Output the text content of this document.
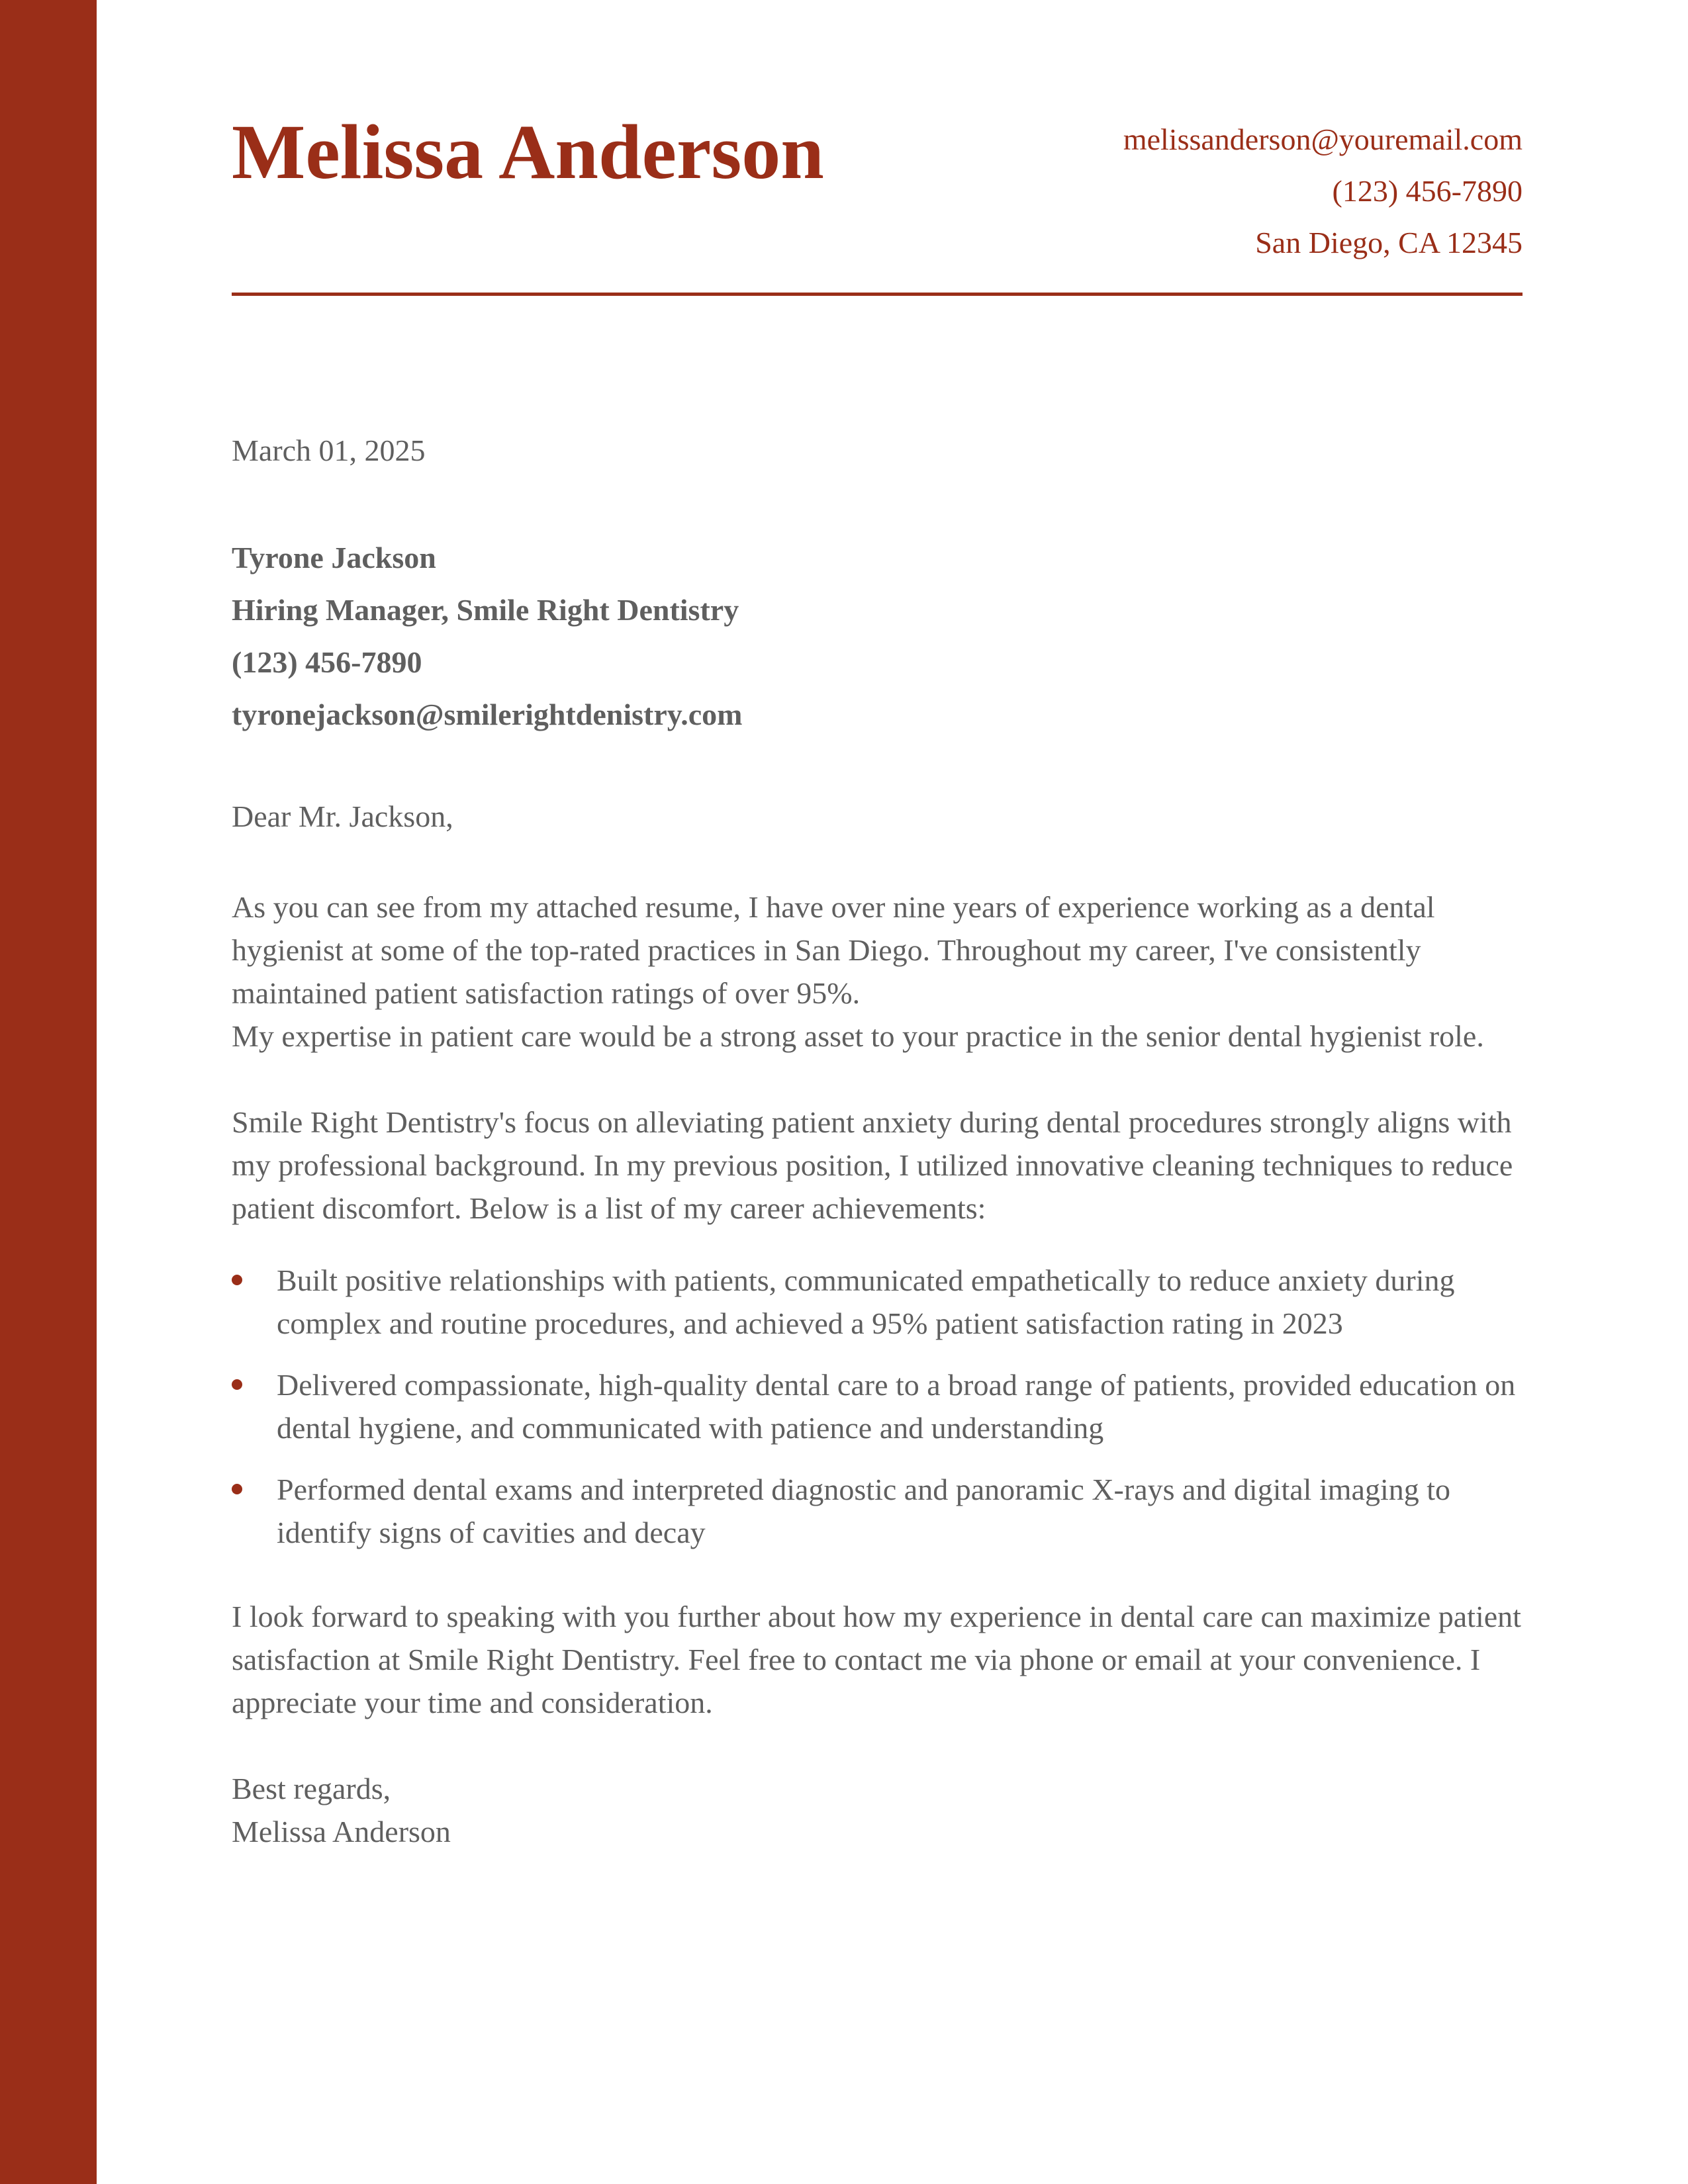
Melissa Anderson	melissanderson@youremail.com
(123) 456-7890
San Diego, CA 12345

March 01, 2025

Tyrone Jackson
Hiring Manager, Smile Right Dentistry
(123) 456-7890
tyronejackson@smilerightdenistry.com

Dear Mr. Jackson,

As you can see from my attached resume, I have over nine years of experience working as a dental hygienist at some of the top-rated practices in San Diego. Throughout my career, I've consistently maintained patient satisfaction ratings of over 95%.

My expertise in patient care would be a strong asset to your practice in the senior dental hygienist role.

Smile Right Dentistry's focus on alleviating patient anxiety during dental procedures strongly aligns with my professional background. In my previous position, I utilized innovative cleaning techniques to reduce patient discomfort. Below is a list of my career achievements:

Built positive relationships with patients, communicated empathetically to reduce anxiety during complex and routine procedures, and achieved a 95% patient satisfaction rating in 2023
Delivered compassionate, high-quality dental care to a broad range of patients, provided education on dental hygiene, and communicated with patience and understanding
Performed dental exams and interpreted diagnostic and panoramic X-rays and digital imaging to identify signs of cavities and decay

I look forward to speaking with you further about how my experience in dental care can maximize patient satisfaction at Smile Right Dentistry. Feel free to contact me via phone or email at your convenience. I appreciate your time and consideration.

Best regards,

Melissa Anderson
